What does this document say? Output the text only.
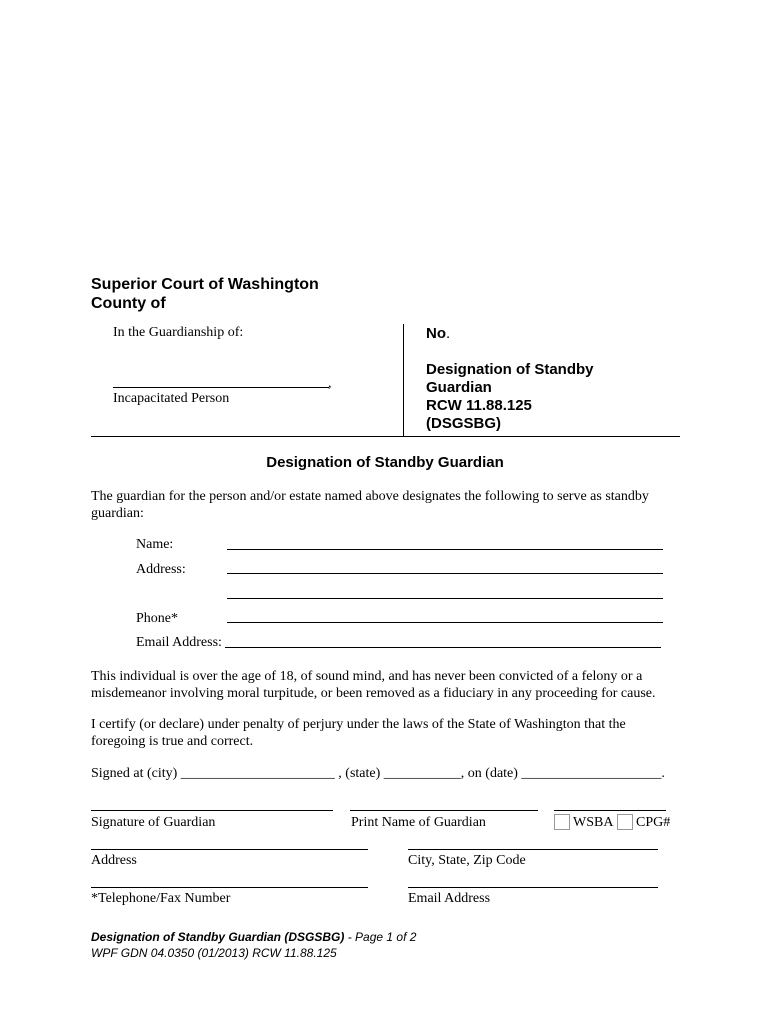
Superior Court of Washington
County of
In the Guardianship of:
,
Incapacitated Person
No.
Designation of Standby
Guardian
RCW 11.88.125
(DSGSBG)
Designation of Standby Guardian
The guardian for the person and/or estate named above designates the following to serve as standby guardian:
Name:
Address:
Phone*
Email Address:
This individual is over the age of 18, of sound mind, and has never been convicted of a felony or a misdemeanor involving moral turpitude, or been removed as a fiduciary in any proceeding for cause.
I certify (or declare) under penalty of perjury under the laws of the State of Washington that the foregoing is true and correct.
Signed at (city) ______________________ , (state) ___________, on (date) ____________________.
Signature of Guardian	Print Name of Guardian	WSBA CPG#
Address	City, State, Zip Code
*Telephone/Fax Number	Email Address
Designation of Standby Guardian (DSGSBG) - Page 1 of 2
WPF GDN 04.0350 (01/2013) RCW 11.88.125
